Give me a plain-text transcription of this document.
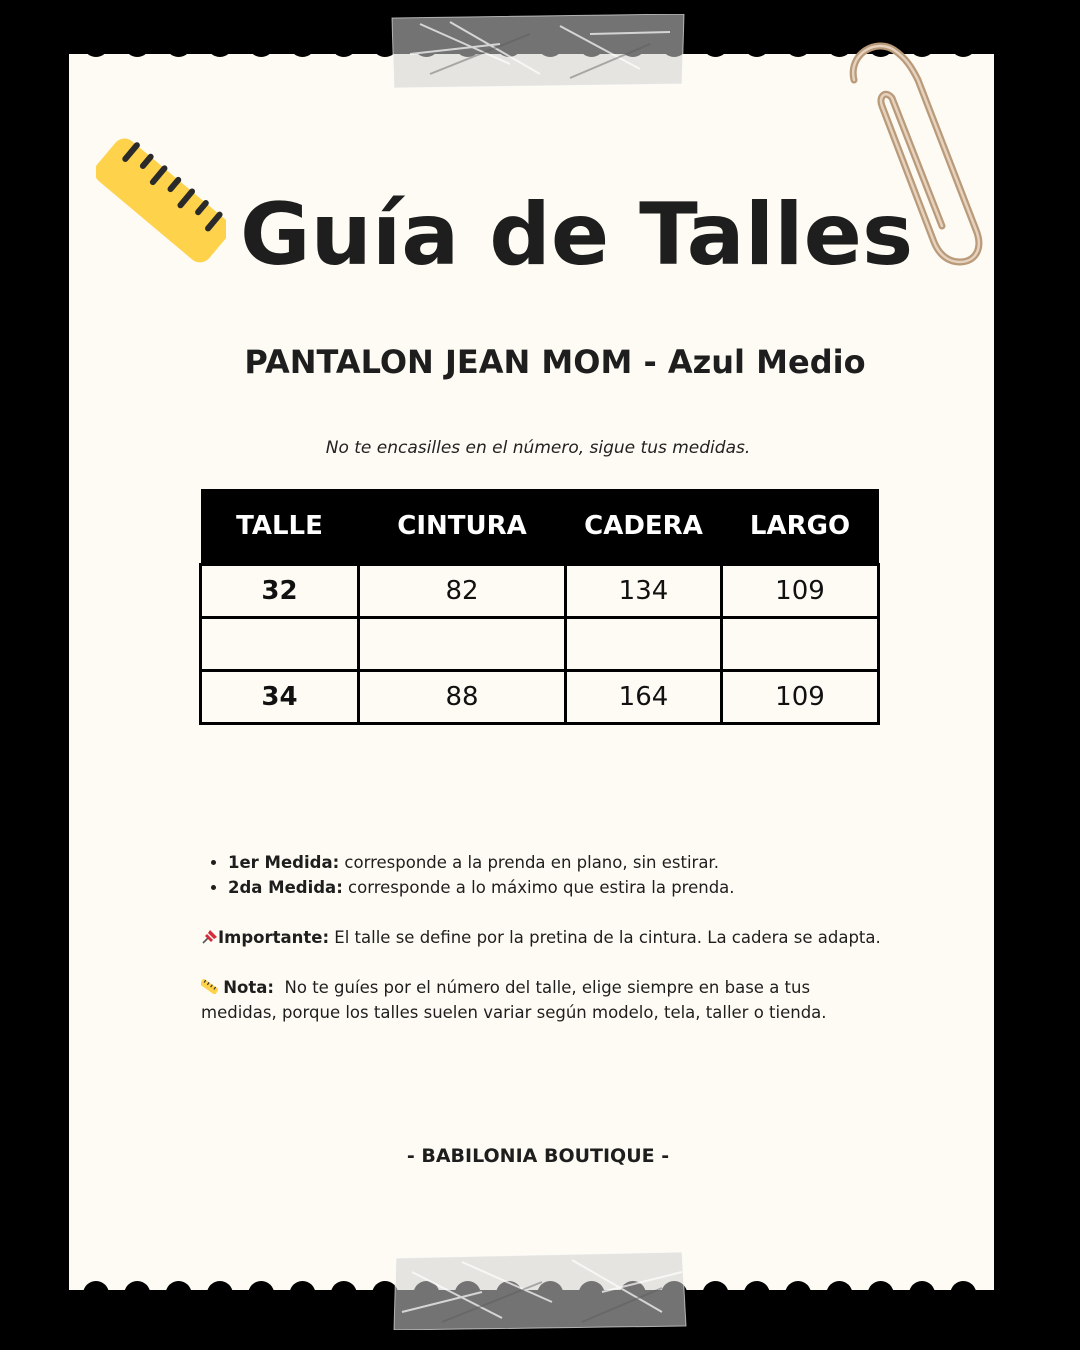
Guía de Talles
PANTALON JEAN MOM - Azul Medio
No te encasilles en el número, sigue tus medidas.
TALLE	CINTURA	CADERA	LARGO
32	82	134	109

34	88	164	109
• 1er Medida: corresponde a la prenda en plano, sin estirar.
• 2da Medida: corresponde a lo máximo que estira la prenda.

Importante: El talle se define por la pretina de la cintura. La cadera se adapta.

Nota:  No te guíes por el número del talle, elige siempre en base a tus medidas, porque los talles suelen variar según modelo, tela, taller o tienda.

- BABILONIA BOUTIQUE -
